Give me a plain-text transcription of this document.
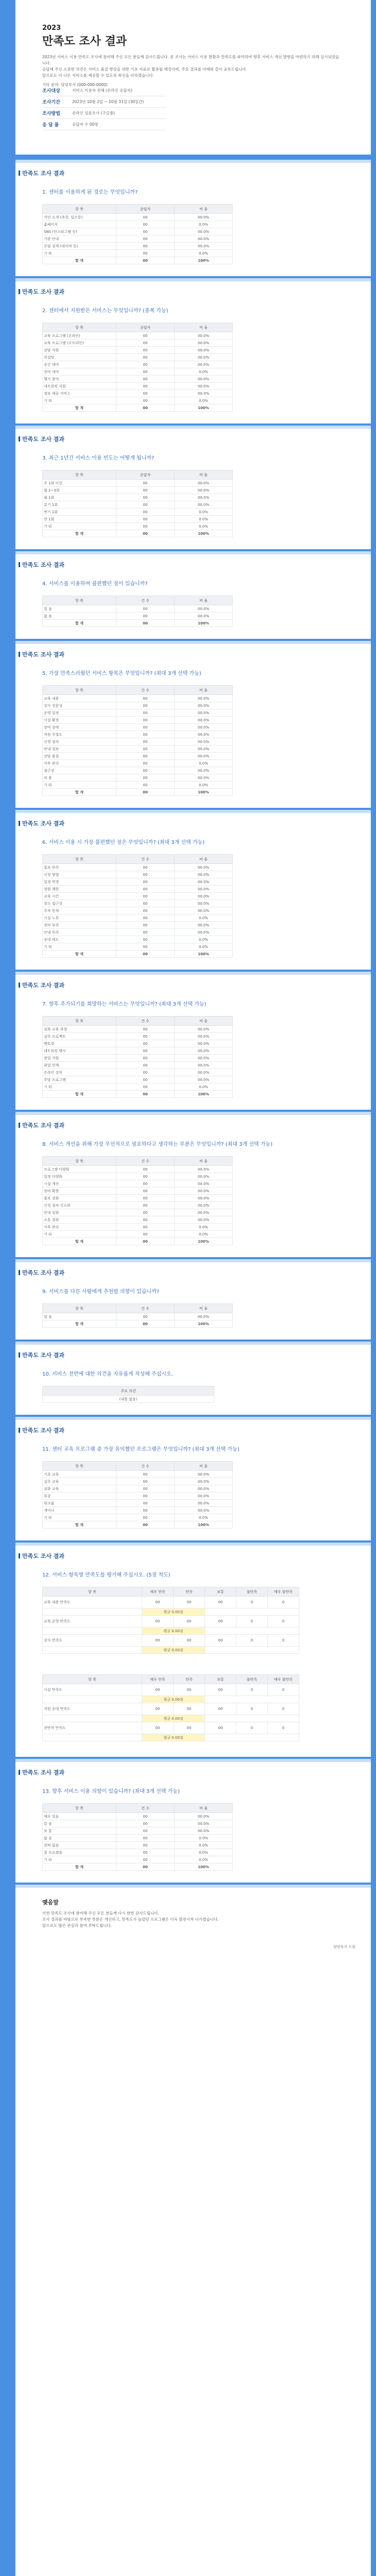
2023
만족도 조사 결과
2023년 서비스 이용 만족도 조사에 참여해 주신 모든 분들께 감사드립니다. 본 조사는 서비스 이용 현황과 만족도를 파악하여 향후 서비스 개선 방향을 마련하기 위해 실시되었습니다.
응답해 주신 소중한 의견은 서비스 품질 향상을 위한 기초 자료로 활용될 예정이며, 주요 결과를 아래와 같이 공유드립니다.
앞으로도 더 나은 서비스를 제공할 수 있도록 최선을 다하겠습니다.
기타 문의: 담당부서 (000-000-0000)
조사대상	서비스 이용자 전체 (온라인 응답자)
조사기간	2023년 10월 2일 ~ 10월 31일 (30일간)
조사방법	온라인 설문조사 (구글폼)
응 답 률	응답자 수 00명
만족도 조사 결과
1. 센터를 이용하게 된 경로는 무엇입니까?
항 목	응답자	비 율
지인 소개 (추천, 입소문)	00	00.0%
홈페이지	00	0.0%
SNS (인스타그램 등)	00	00.0%
기관 안내	00	00.0%
포털 검색 (네이버 등)	00	00.0%
기 타	00	0.0%
합 계	00	100%
만족도 조사 결과
2. 센터에서 지원받은 서비스는 무엇입니까? (중복 가능)
항 목	응답자	비 율
교육 프로그램 (온라인)	00	00.0%
교육 프로그램 (오프라인)	00	00.0%
상담 지원	00	00.0%
컨설팅	00	00.0%
공간 대여	00	00.0%
장비 대여	00	0.0%
행사 참여	00	00.0%
네트워킹 지원	00	00.0%
정보 제공 서비스	00	00.0%
기 타	00	0.0%
합 계	00	100%
만족도 조사 결과
3. 최근 1년간 서비스 이용 빈도는 어떻게 됩니까?
항 목	응답자	비 율
주 1회 이상	00	00.0%
월 2~3회	00	00.0%
월 1회	00	00.0%
분기 1회	00	00.0%
반기 1회	00	0.0%
연 1회	00	0.0%
기 타	00	0.0%
합 계	00	100%
만족도 조사 결과
4. 서비스를 이용하며 불편했던 점이 있습니까?
항 목	건 수	비 율
있 음	00	00.0%
없 음	00	00.0%
합 계	00	100%
만족도 조사 결과
5. 가장 만족스러웠던 서비스 항목은 무엇입니까? (최대 3개 선택 가능)
항 목	건 수	비 율
교육 내용	00	00.0%
강사 전문성	00	00.0%
운영 일정	00	00.0%
시설 환경	00	00.0%
장비 상태	00	00.0%
직원 친절도	00	00.0%
신청 절차	00	00.0%
안내 정보	00	00.0%
상담 품질	00	00.0%
사후 관리	00	0.0%
접근성	00	00.0%
비 용	00	00.0%
기 타	00	0.0%
합 계	00	100%
만족도 조사 결과
6. 서비스 이용 시 가장 불편했던 점은 무엇입니까? (최대 3개 선택 가능)
항 목	건 수	비 율
홍보 부족	00	00.0%
신청 방법	00	00.0%
일정 변경	00	00.0%
정원 제한	00	00.0%
교육 시간	00	00.0%
장소 접근성	00	00.0%
주차 문제	00	00.0%
시설 노후	00	0.0%
장비 부족	00	00.0%
안내 부족	00	00.0%
응대 태도	00	0.0%
기 타	00	0.0%
합 계	00	100%
만족도 조사 결과
7. 향후 추가되기를 희망하는 서비스는 무엇입니까? (최대 3개 선택 가능)
항 목	건 수	비 율
심화 교육 과정	00	00.0%
실무 프로젝트	00	00.0%
멘토링	00	00.0%
네트워킹 행사	00	00.0%
창업 지원	00	00.0%
취업 연계	00	00.0%
온라인 강의	00	00.0%
주말 프로그램	00	00.0%
기 타	00	0.0%
합 계	00	100%
만족도 조사 결과
8. 서비스 개선을 위해 가장 우선적으로 필요하다고 생각하는 부분은 무엇입니까? (최대 3개 선택 가능)
항 목	건 수	비 율
프로그램 다양화	00	00.0%
일정 다양화	00	00.0%
시설 개선	00	00.0%
장비 확충	00	00.0%
홍보 강화	00	00.0%
신청 절차 간소화	00	00.0%
안내 강화	00	00.0%
소통 강화	00	00.0%
사후 관리	00	0.0%
기 타	00	0.0%
합 계	00	100%
만족도 조사 결과
9. 서비스를 다른 사람에게 추천할 의향이 있습니까?
항 목	건 수	비 율
있 음	00	00.0%
합 계	00	100%
만족도 조사 결과
10. 서비스 전반에 대한 의견을 자유롭게 작성해 주십시오.
주요 의견
(내용 없음)
만족도 조사 결과
11. 센터 교육 프로그램 중 가장 유익했던 프로그램은 무엇입니까? (최대 3개 선택 가능)
항 목	건 수	비 율
기초 교육	00	00.0%
실무 교육	00	00.0%
심화 교육	00	00.0%
특강	00	00.0%
워크숍	00	00.0%
세미나	00	00.0%
기 타	00	0.0%
합 계	00	100%
만족도 조사 결과
12. 서비스 항목별 만족도를 평가해 주십시오. (5점 척도)
항 목	매우 만족	만족	보통	불만족	매우 불만족
교육 내용 만족도	00	00	00	0	0
	평균 0.00점				
교육 운영 만족도	00	00	00	0	0
	평균 0.00점				
강사 만족도	00	00	00	0	0
	평균 0.00점				
항 목	매우 만족	만족	보통	불만족	매우 불만족
시설 만족도	00	00	00	0	0
	평균 0.00점				
직원 응대 만족도	00	00	00	0	0
	평균 0.00점				
전반적 만족도	00	00	00	0	0
	평균 0.00점				
만족도 조사 결과
13. 향후 서비스 이용 의향이 있습니까? (최대 3개 선택 가능)
항 목	건 수	비 율
매우 있음	00	00.0%
있 음	00	00.0%
보 통	00	00.0%
없 음	00	0.0%
전혀 없음	00	0.0%
잘 모르겠음	00	0.0%
기 타	00	0.0%
합 계	00	100%
맺음말
이번 만족도 조사에 참여해 주신 모든 분들께 다시 한번 감사드립니다.
조사 결과를 바탕으로 부족한 부분은 개선하고, 만족도가 높았던 프로그램은 더욱 발전시켜 나가겠습니다.
앞으로도 많은 관심과 참여 부탁드립니다.
담당부서 드림
